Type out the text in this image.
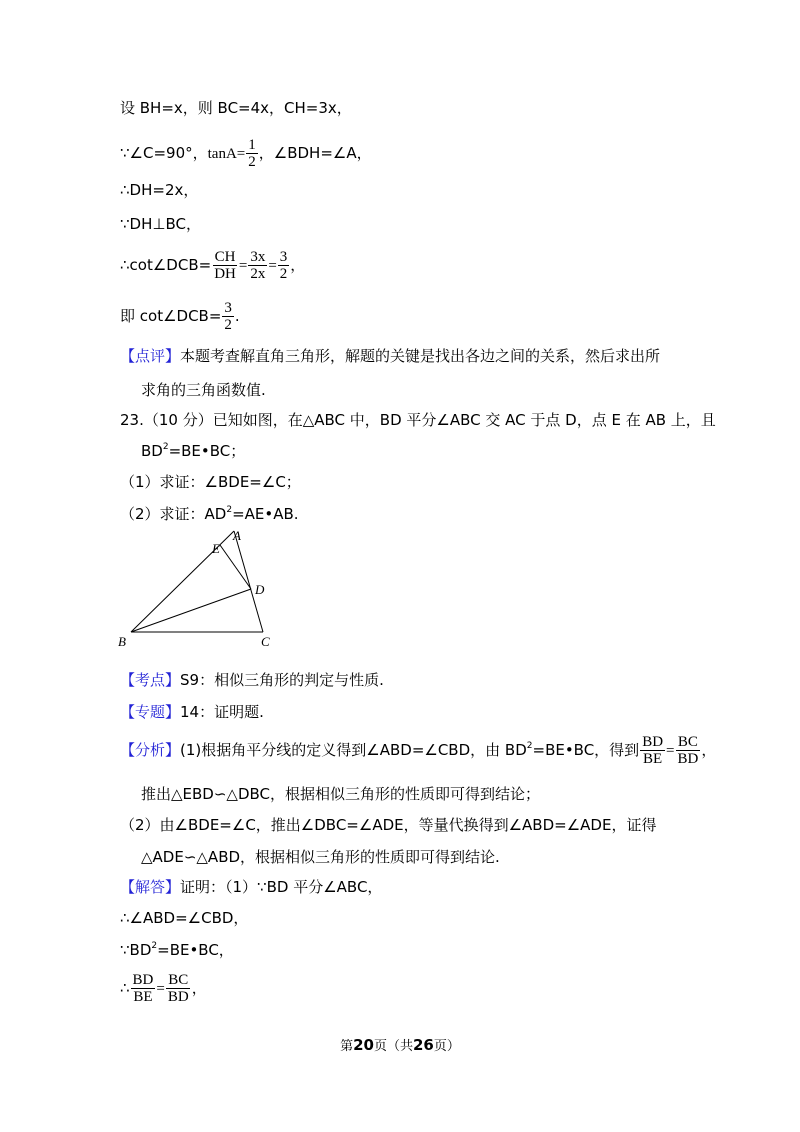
设 BH=x，则 BC=4x，CH=3x，
∵∠C=90°，$\tan A= \frac{1}{2}$ ，∠BDH=∠A，
∴DH=2x，
∵DH⊥BC，
∴cot∠DCB= $\frac{CH}{DH} = \frac{3x}{2x} = \frac{3}{2}$ ，
即 cot∠DCB= $\frac{3}{2}$ .
【点评】本题考查解直角三角形，解题的关键是找出各边之间的关系，然后求出所
求角的三角函数值.
23.（10 分）已知如图，在△ABC 中，BD 平分∠ABC 交 AC 于点 D，点 E 在 AB 上，且
$BD^2=BE•BC$；
（1）求证：∠BDE=∠C；
（2）求证：$AD^2=AE•AB$.
A
E
D
B	C
【考点】S9：相似三角形的判定与性质.
【专题】14：证明题.
【分析】(1)根据角平分线的定义得到∠ABD=∠CBD，由 $BD^2=BE•BC$，得到 $\frac{BD}{BE} = \frac{BC}{BD}$ ，
推出△EBD∽△DBC，根据相似三角形的性质即可得到结论；
（2）由∠BDE=∠C，推出∠DBC=∠ADE，等量代换得到∠ABD=∠ADE，证得
△ADE∽△ABD，根据相似三角形的性质即可得到结论.
【解答】证明：（1）∵BD 平分∠ABC，
∴∠ABD=∠CBD，
$\because BD^2=BE•BC$，
∴ $\frac{BD}{BE} = \frac{BC}{BD}$ ，
第20页（共26页）
